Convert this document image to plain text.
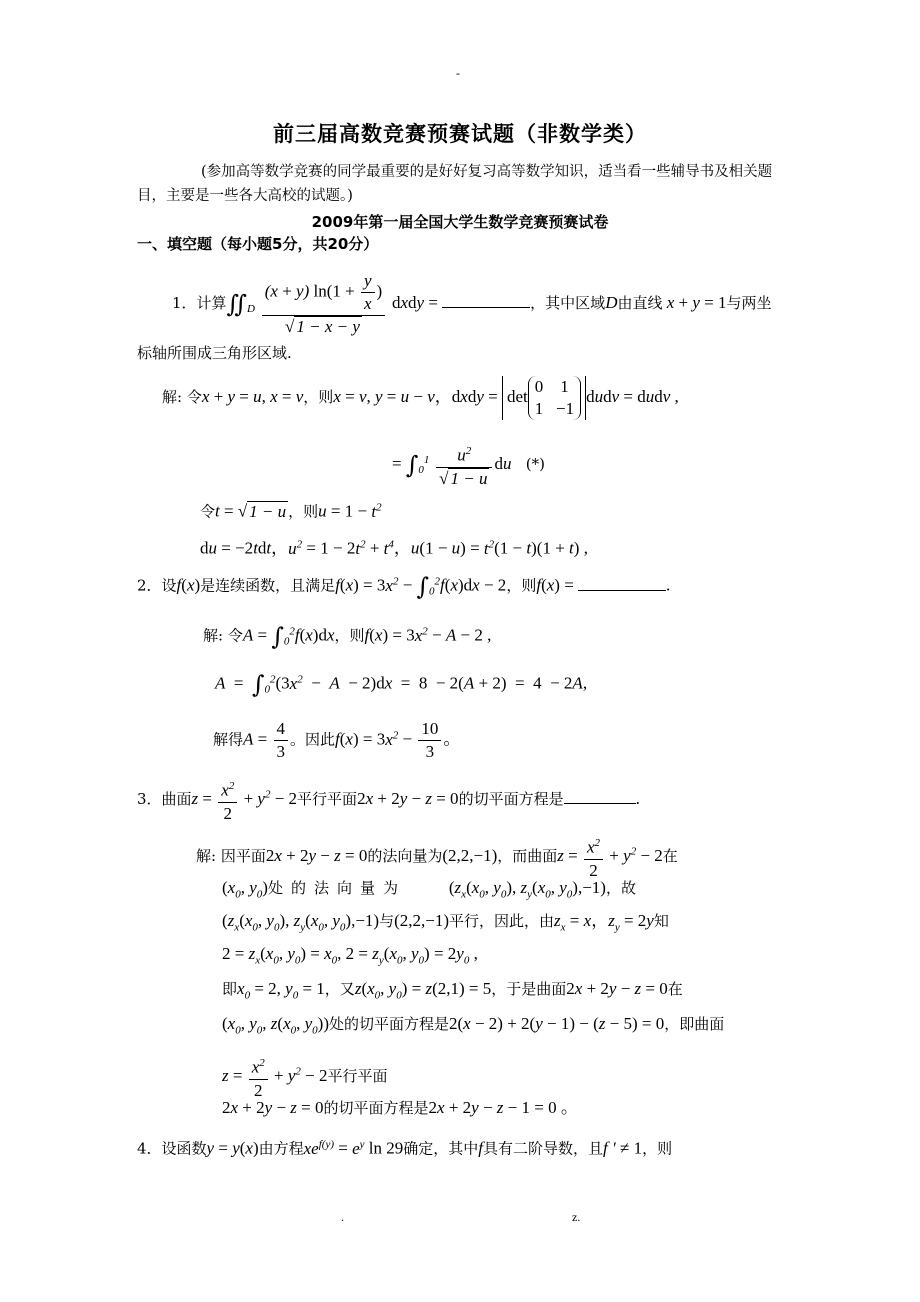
-
前三届高数竞赛预赛试题（非数学类）
(参加高等数学竞赛的同学最重要的是好好复习高等数学知识，适当看一些辅导书及相关题目，主要是一些各大高校的试题。)
2009年第一届全国大学生数学竞赛预赛试卷
一、填空题（每小题5分，共20分）
1．计算$∬_D \frac{(x + y) \ln(1 + \frac{y}{x} )}{√ 1 - x - y}$ dxdy =	，其中区域D由直线 x + y = 1与两坐
标轴所围成三角形区域.
解: 令x + y = u, x = v，则x = v, y = u − v，dxdy = det
0    1
1   −1
dudv = dudv ,
= $\int_0^1 \frac{u^2}{√ 1 - u}$ du (*)
令t = √ 1 − u ，则$u = 1 - t^2$
du = −2tdt，$u^2 = 1 - 2t^2 + t^4$，$u(1 - u) = t^2(1 - t)(1 + t)$ ,
2．设f(x)是连续函数，且满足$f(x) = 3x^2 - \int_0^2f(x)dx - 2$，则f(x) =	.
解: 令$A = \int_0^2f(x)dx$，则$f(x) = 3x^2 - A - 2$ ,
$A = \int_0^2(3x^2 - A - 2)dx = 8 - 2(A + 2) = 4 - 2A$,
解得$A = \frac{4}{3}$ 。因此$f(x) = 3x^2 - \frac{10}{3}$ 。
3．曲面$z = \frac{x^2}{2} + y^2 - 2$平行平面2x + 2y − z = 0的切平面方程是	.
解: 因平面2x + 2y − z = 0的法向量为(2,2,−1)，而曲面$z = \frac{x^2}{2} + y^2 - 2$在
($x_0$, $y_0$)处的法向量为	($z_x(x_0$, $y_0$), $z_y(x_0$, $y_0),-1$)，故
($z_x(x_0$, $y_0$), $z_y(x_0$, $y_0),-1$)与(2,2,−1)平行，因此，由$z_x = x$，$z_y = 2y$知
$2 = z_x(x_0$, $y_0) = x_0$, $2 = z_y(x_0$, $y_0) = 2y_0$ ,
即$x_0 = 2$, $y_0 = 1$，又$z(x_0$, $y_0) = z(2,1) = 5$，于是曲面2x + 2y − z = 0在
($x_0$, $y_0$, $z(x_0$, $y_0$))处的切平面方程是2(x − 2) + 2(y − 1) − (z − 5) = 0，即曲面
$z = \frac{x^2}{2} + y^2 - 2$平行平面
2x + 2y − z = 0的切平面方程是2x + 2y − z − 1 = 0 。
4．设函数y = y(x)由方程$xe^{f(y)} = e^y$ ln 29确定，其中f具有二阶导数，且f ′ ≠ 1，则
.	z.
